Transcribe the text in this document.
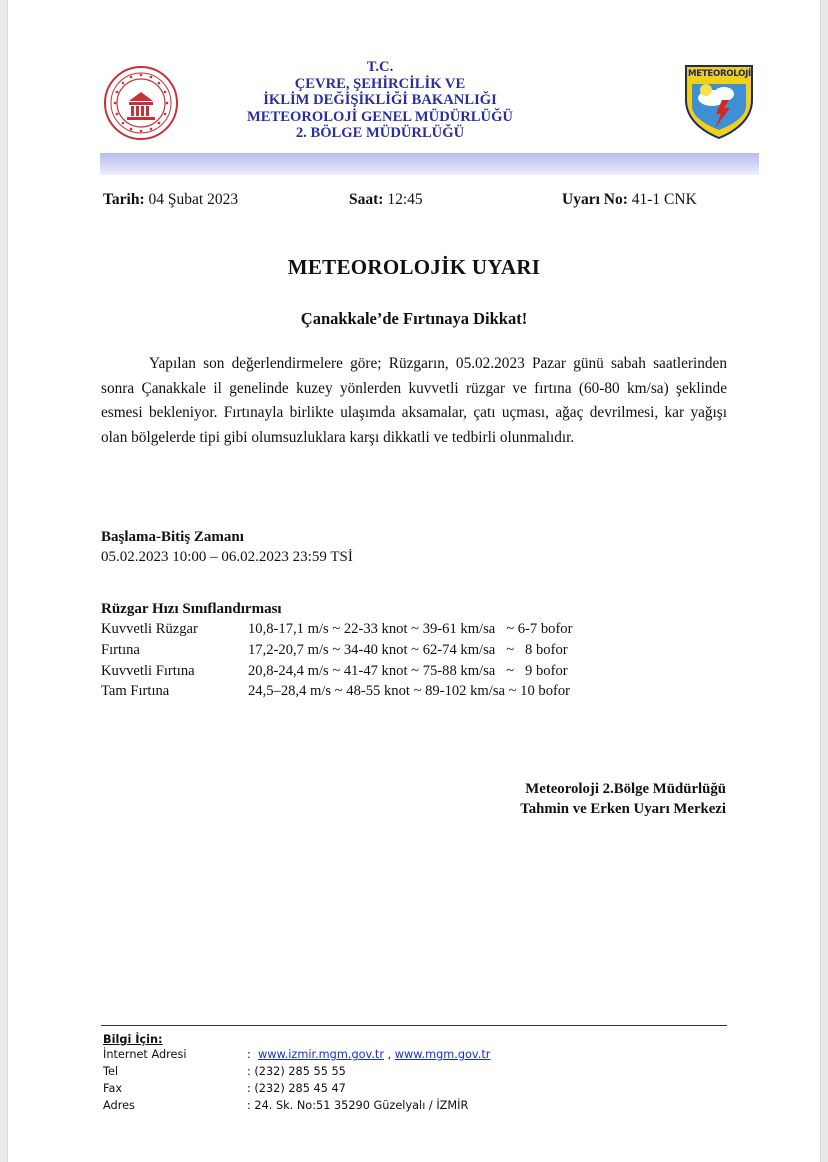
T.C.
ÇEVRE, ŞEHİRCİLİK VE
İKLİM DEĞİŞİKLİĞİ BAKANLIĞI
METEOROLOJİ GENEL MÜDÜRLÜĞÜ
2. BÖLGE MÜDÜRLÜĞÜ
METEOROLOJİ
Tarih: 04 Şubat 2023	Saat: 12:45	Uyarı No: 41-1 CNK
METEOROLOJİK UYARI
Çanakkale’de Fırtınaya Dikkat!

Yapılan son değerlendirmelere göre; Rüzgarın, 05.02.2023 Pazar günü sabah saatlerinden sonra Çanakkale il genelinde kuzey yönlerden kuvvetli rüzgar ve fırtına (60-80 km/sa) şeklinde esmesi bekleniyor. Fırtınayla birlikte ulaşımda aksamalar, çatı uçması, ağaç devrilmesi, kar yağışı olan bölgelerde tipi gibi olumsuzluklara karşı dikkatli ve tedbirli olunmalıdır.

Başlama-Bitiş Zamanı
05.02.2023 10:00 – 06.02.2023 23:59 TSİ
Rüzgar Hızı Sınıflandırması
Kuvvetli Rüzgar	10,8-17,1 m/s ~ 22-33 knot ~ 39-61 km/sa   ~ 6-7 bofor
Fırtına	17,2-20,7 m/s ~ 34-40 knot ~ 62-74 km/sa   ~   8 bofor
Kuvvetli Fırtına	20,8-24,4 m/s ~ 41-47 knot ~ 75-88 km/sa   ~   9 bofor
Tam Fırtına	24,5–28,4 m/s ~ 48-55 knot ~ 89-102 km/sa ~ 10 bofor
Meteoroloji 2.Bölge Müdürlüğü
Tahmin ve Erken Uyarı Merkezi
Bilgi İçin:
İnternet Adresi	: www.izmir.mgm.gov.tr , www.mgm.gov.tr
Tel	: (232) 285 55 55
Fax	: (232) 285 45 47
Adres	: 24. Sk. No:51 35290 Güzelyalı / İZMİR
